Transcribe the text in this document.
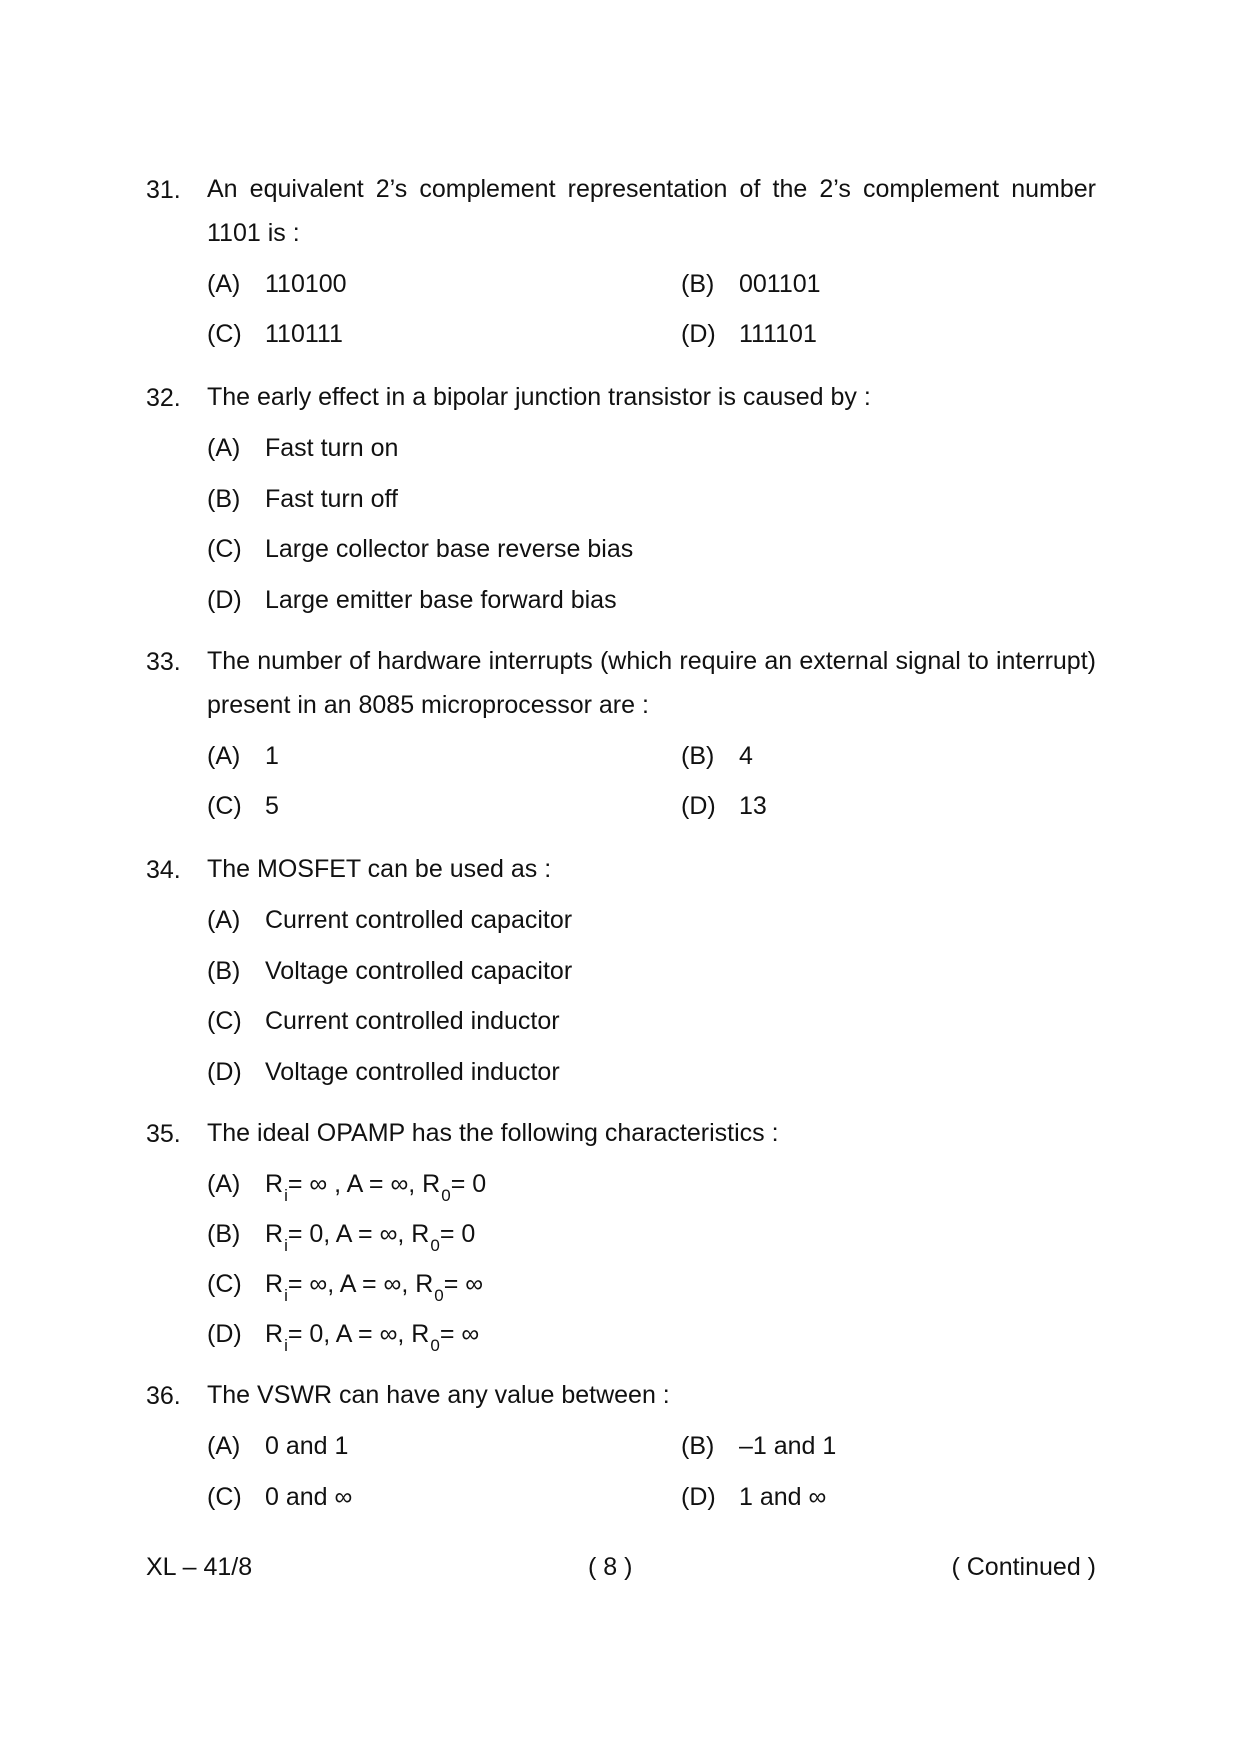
31. An equivalent 2’s complement representation of the 2’s complement number 1101 is :
(A) 110100	(B) 001101
(C) 110111	(D) 111101
32. The early effect in a bipolar junction transistor is caused by :
(A) Fast turn on
(B) Fast turn off
(C) Large collector base reverse bias
(D) Large emitter base forward bias
33. The number of hardware interrupts (which require an external signal to interrupt) present in an 8085 microprocessor are :
(A) 1	(B) 4
(C) 5	(D) 13
34. The MOSFET can be used as :
(A) Current controlled capacitor
(B) Voltage controlled capacitor
(C) Current controlled inductor
(D) Voltage controlled inductor
35. The ideal OPAMP has the following characteristics :
(A) $R_i=$ ∞ , A = ∞, $R_0= 0$
(B) $R_i= 0$, A = ∞, $R_0= 0$
(C) $R_i=$ ∞, A = ∞, $R_0=$ ∞
(D) $R_i= 0$, A = ∞, $R_0=$ ∞
36. The VSWR can have any value between :
(A) 0 and 1	(B) –1 and 1
(C) 0 and ∞	(D) 1 and ∞
XL – 41/8	( 8 )	( Continued )
